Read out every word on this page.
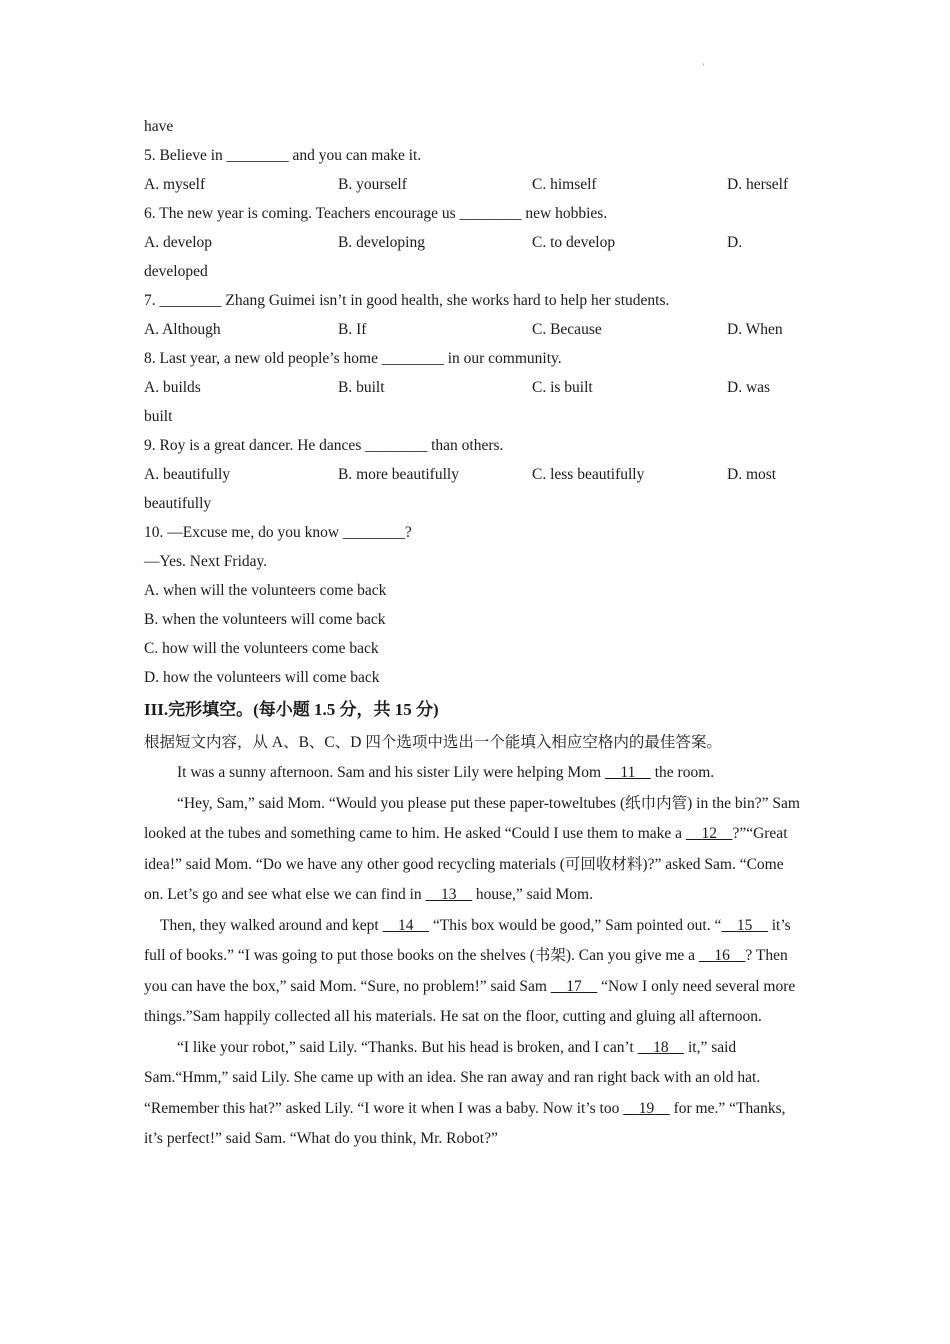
'
have
5. Believe in ________ and you can make it.
A. myself	B. yourself	C. himself	D. herself
6. The new year is coming. Teachers encourage us ________ new hobbies.
A. develop	B. developing	C. to develop	D.
developed
7. ________ Zhang Guimei isn’t in good health, she works hard to help her students.
A. Although	B. If	C. Because	D. When
8. Last year, a new old people’s home ________ in our community.
A. builds	B. built	C. is built	D. was
built
9. Roy is a great dancer. He dances ________ than others.
A. beautifully	B. more beautifully	C. less beautifully	D. most
beautifully
10. —Excuse me, do you know ________?
—Yes. Next Friday.
A. when will the volunteers come back
B. when the volunteers will come back
C. how will the volunteers come back
D. how the volunteers will come back
III.完形填空。(每小题 1.5 分，共 15 分)
根据短文内容，从 A、B、C、D 四个选项中选出一个能填入相应空格内的最佳答案。
It was a sunny afternoon. Sam and his sister Lily were helping Mom     11     the room.
“Hey, Sam,” said Mom. “Would you please put these paper-toweltubes (纸巾内管) in the bin?” Sam looked at the tubes and something came to him. He asked “Could I use them to make a     12 ?”“Great idea!” said Mom. “Do we have any other good recycling materials (可回收材料)?” asked Sam. “Come on. Let’s go and see what else we can find in     13     house,” said Mom.
Then, they walked around and kept     14     “This box would be good,” Sam pointed out. “ 15     it’s full of books.” “I was going to put those books on the shelves (书架). Can you give me a     16 ? Then you can have the box,” said Mom. “Sure, no problem!” said Sam     17     “Now I only need several more things.”Sam happily collected all his materials. He sat on the floor, cutting and gluing all afternoon.
“I like your robot,” said Lily. “Thanks. But his head is broken, and I can’t     18     it,” said Sam.“Hmm,” said Lily. She came up with an idea. She ran away and ran right back with an old hat. “Remember this hat?” asked Lily. “I wore it when I was a baby. Now it’s too     19     for me.” “Thanks, it’s perfect!” said Sam. “What do you think, Mr. Robot?”
